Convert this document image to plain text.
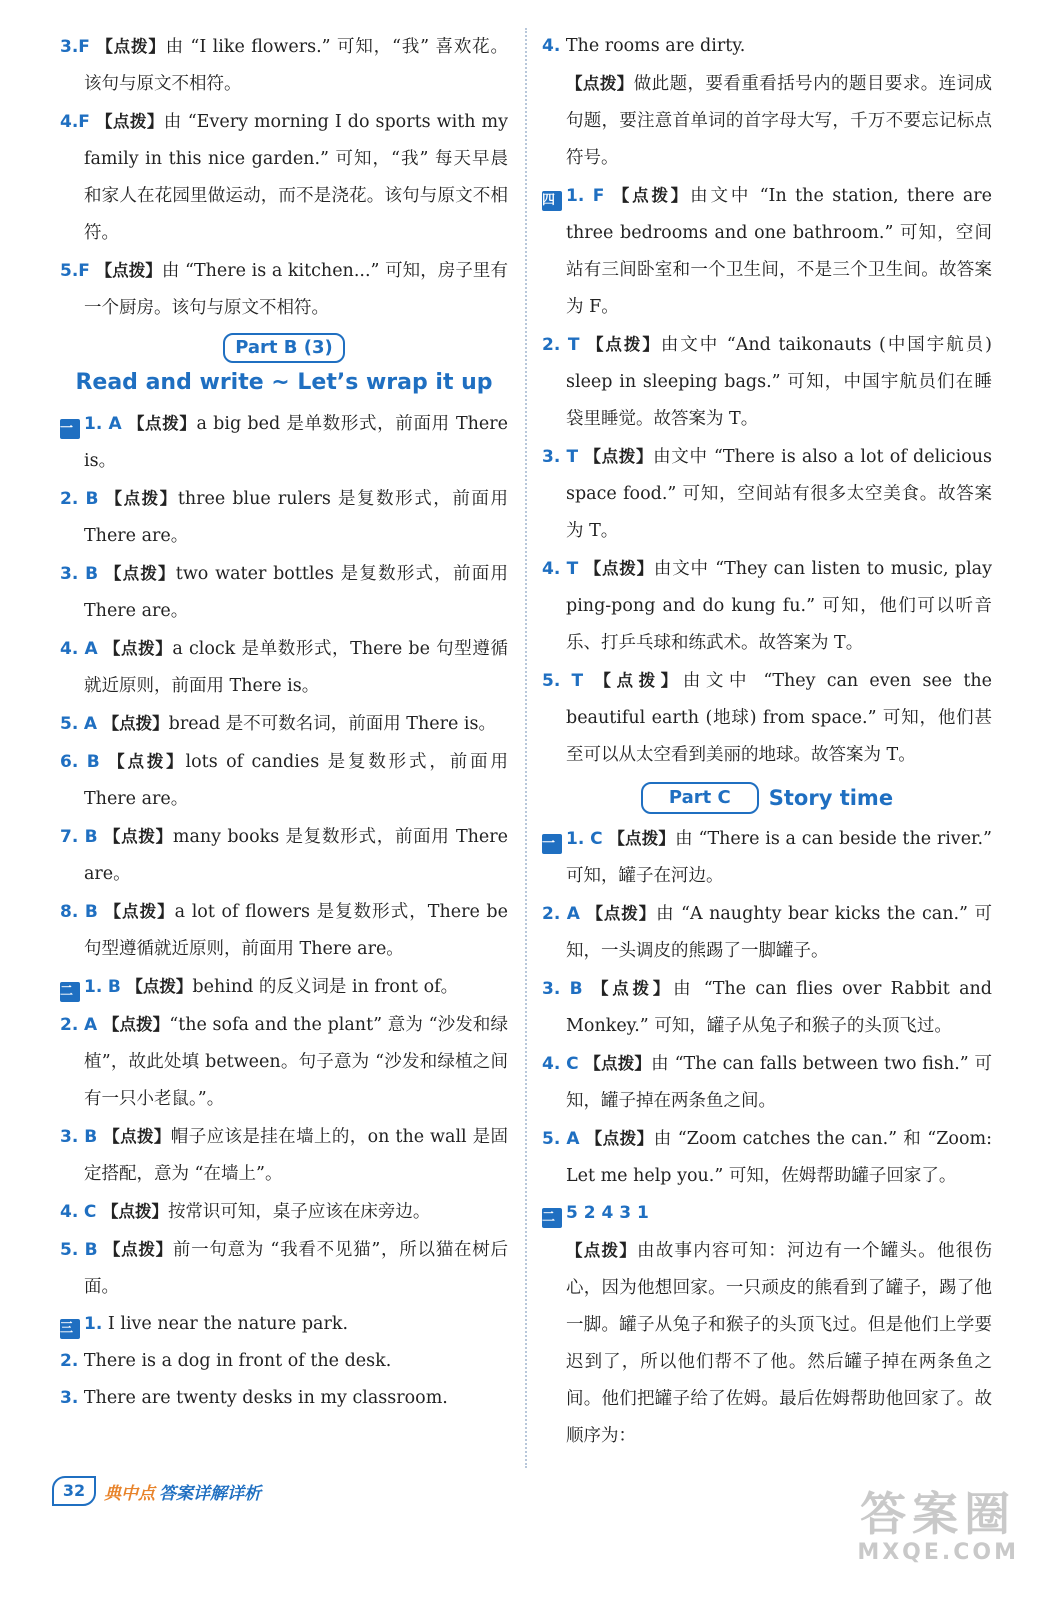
3.F 【点拨】由 “I like flowers.” 可知，“我” 喜欢花。该句与原文不相符。
4.F 【点拨】由 “Every morning I do sports with my family in this nice garden.” 可知，“我” 每天早晨和家人在花园里做运动，而不是浇花。该句与原文不相符。
5.F 【点拨】由 “There is a kitchen...” 可知，房子里有一个厨房。该句与原文不相符。
Part B (3)
Read and write ~ Let’s wrap it up
一 1. A 【点拨】a big bed 是单数形式，前面用 There is。
2. B 【点拨】three blue rulers 是复数形式，前面用 There are。
3. B 【点拨】two water bottles 是复数形式，前面用 There are。
4. A 【点拨】a clock 是单数形式，There be 句型遵循就近原则，前面用 There is。
5. A 【点拨】bread 是不可数名词，前面用 There is。
6. B 【点拨】lots of candies 是复数形式，前面用 There are。
7. B 【点拨】many books 是复数形式，前面用 There are。
8. B 【点拨】a lot of flowers 是复数形式，There be 句型遵循就近原则，前面用 There are。
二 1. B 【点拨】behind 的反义词是 in front of。
2. A 【点拨】“the sofa and the plant” 意为 “沙发和绿植”，故此处填 between。句子意为 “沙发和绿植之间有一只小老鼠。”。
3. B 【点拨】帽子应该是挂在墙上的，on the wall 是固定搭配，意为 “在墙上”。
4. C 【点拨】按常识可知，桌子应该在床旁边。
5. B 【点拨】前一句意为 “我看不见猫”，所以猫在树后面。
三 1. I live near the nature park.
2. There is a dog in front of the desk.
3. There are twenty desks in my classroom.
4. The rooms are dirty.
【点拨】做此题，要看重看括号内的题目要求。连词成句题，要注意首单词的首字母大写，千万不要忘记标点符号。
四 1. F 【点拨】由文中 “In the station, there are three bedrooms and one bathroom.” 可知，空间站有三间卧室和一个卫生间，不是三个卫生间。故答案为 F。
2. T 【点拨】由文中 “And taikonauts (中国宇航员) sleep in sleeping bags.” 可知，中国宇航员们在睡袋里睡觉。故答案为 T。
3. T 【点拨】由文中 “There is also a lot of delicious space food.” 可知，空间站有很多太空美食。故答案为 T。
4. T 【点拨】由文中 “They can listen to music, play ping-pong and do kung fu.” 可知，他们可以听音乐、打乒乓球和练武术。故答案为 T。
5. T 【点拨】由文中 “They can even see the beautiful earth (地球) from space.” 可知，他们甚至可以从太空看到美丽的地球。故答案为 T。
Part C	Story time
一 1. C 【点拨】由 “There is a can beside the river.” 可知，罐子在河边。
2. A 【点拨】由 “A naughty bear kicks the can.” 可知，一头调皮的熊踢了一脚罐子。
3. B 【点拨】由 “The can flies over Rabbit and Monkey.” 可知，罐子从兔子和猴子的头顶飞过。
4. C 【点拨】由 “The can falls between two fish.” 可知，罐子掉在两条鱼之间。
5. A 【点拨】由 “Zoom catches the can.” 和 “Zoom: Let me help you.” 可知，佐姆帮助罐子回家了。
二 5 2 4 3 1
【点拨】由故事内容可知：河边有一个罐头。他很伤心，因为他想回家。一只顽皮的熊看到了罐子，踢了他一脚。罐子从兔子和猴子的头顶飞过。但是他们上学要迟到了，所以他们帮不了他。然后罐子掉在两条鱼之间。他们把罐子给了佐姆。最后佐姆帮助他回家了。故顺序为：
32	典中点 答案详解详析	答案圈
MXQE.COM
